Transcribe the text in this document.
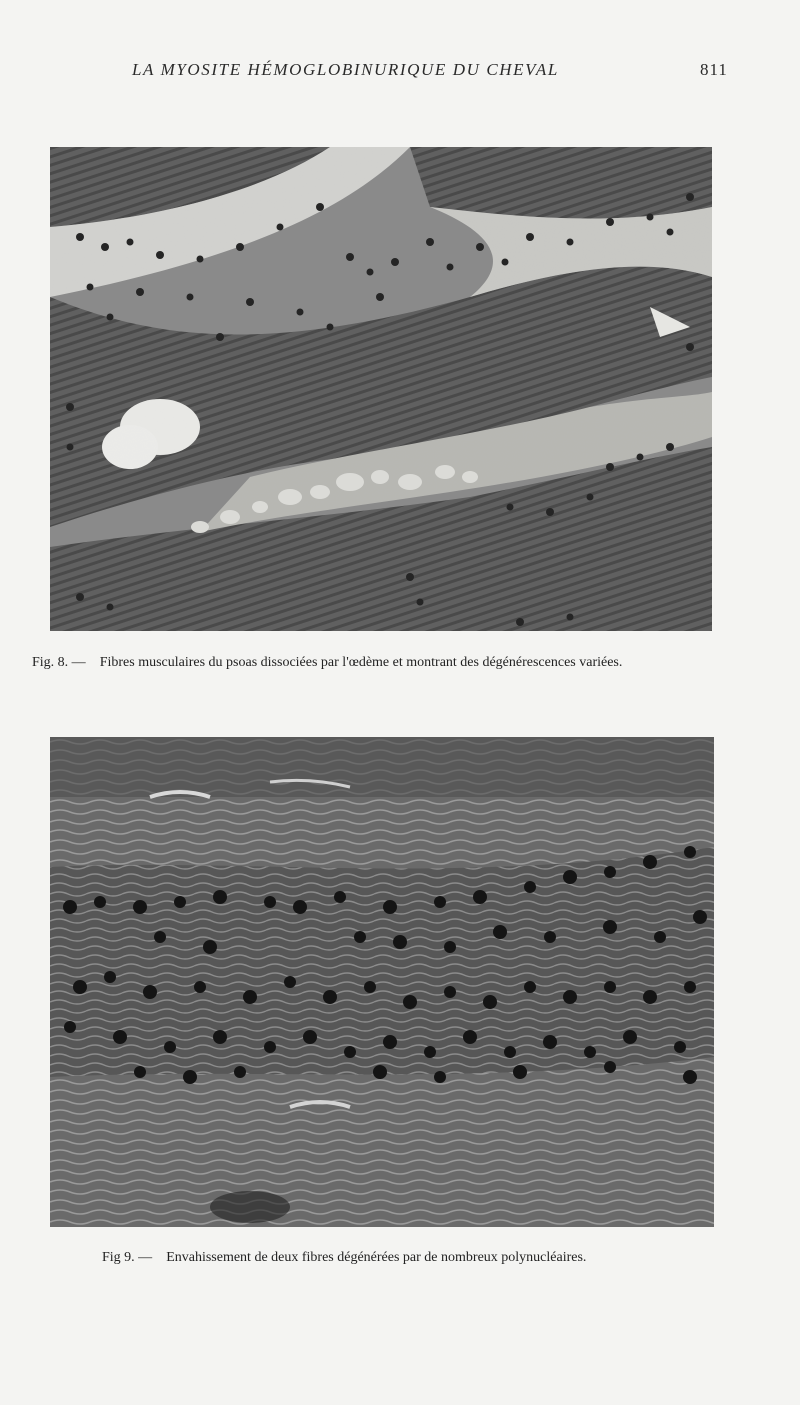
LA MYOSITE HÉMOGLOBINURIQUE DU CHEVAL	811
Fig. 8. — Fibres musculaires du psoas dissociées par l'œdème et montrant des dégénérescences variées.
Fig 9. — Envahissement de deux fibres dégénérées par de nombreux polynucléaires.
